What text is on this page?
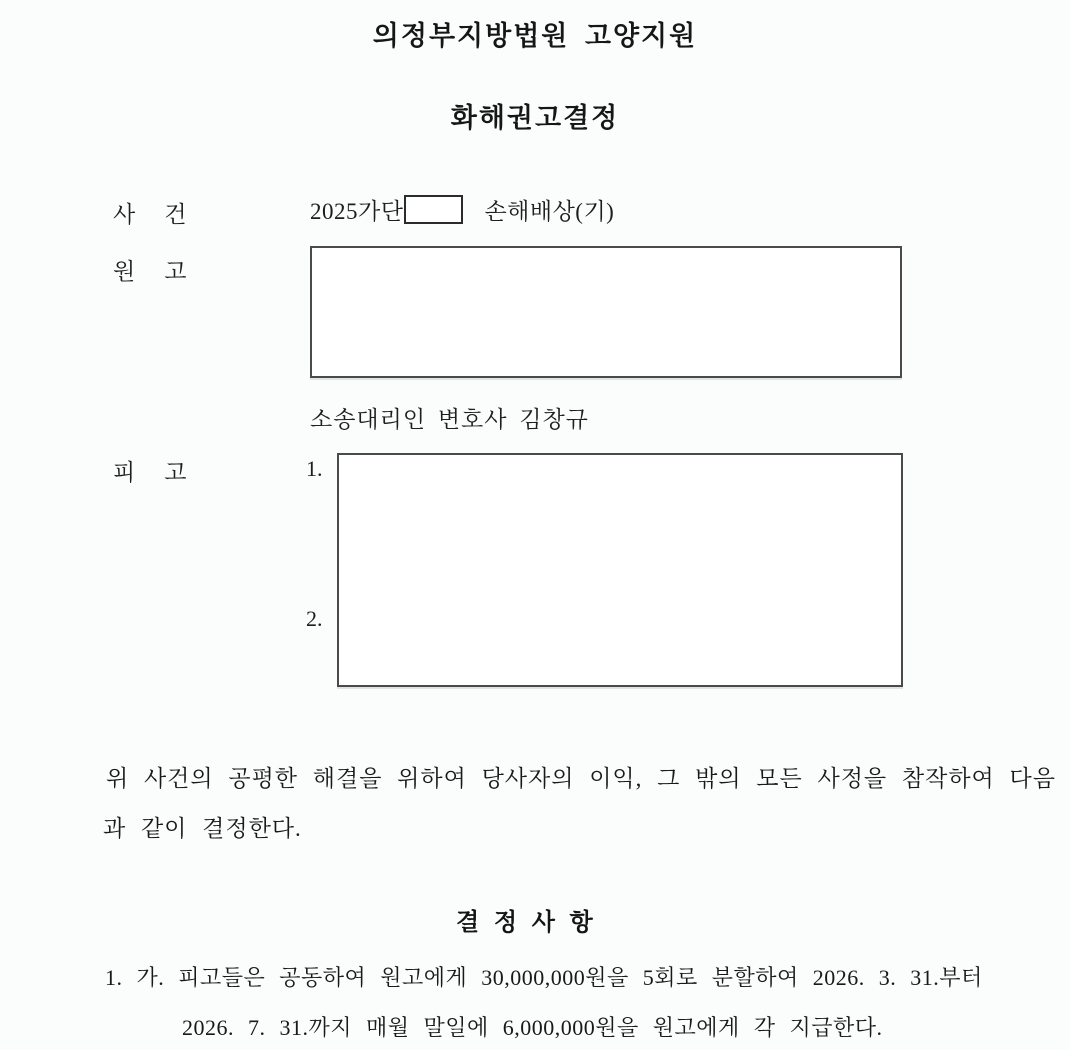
의정부지방법원 고양지원
화해권고결정
사 건	2025가단	손해배상(기)
원 고
소송대리인 변호사 김창규
피 고	1.
2.
위 사건의 공평한 해결을 위하여 당사자의 이익, 그 밖의 모든 사정을 참작하여 다음
과 같이 결정한다.
결 정 사 항
1. 가. 피고들은 공동하여 원고에게 30,000,000원을 5회로 분할하여 2026. 3. 31.부터
2026. 7. 31.까지 매월 말일에 6,000,000원을 원고에게 각 지급한다.
